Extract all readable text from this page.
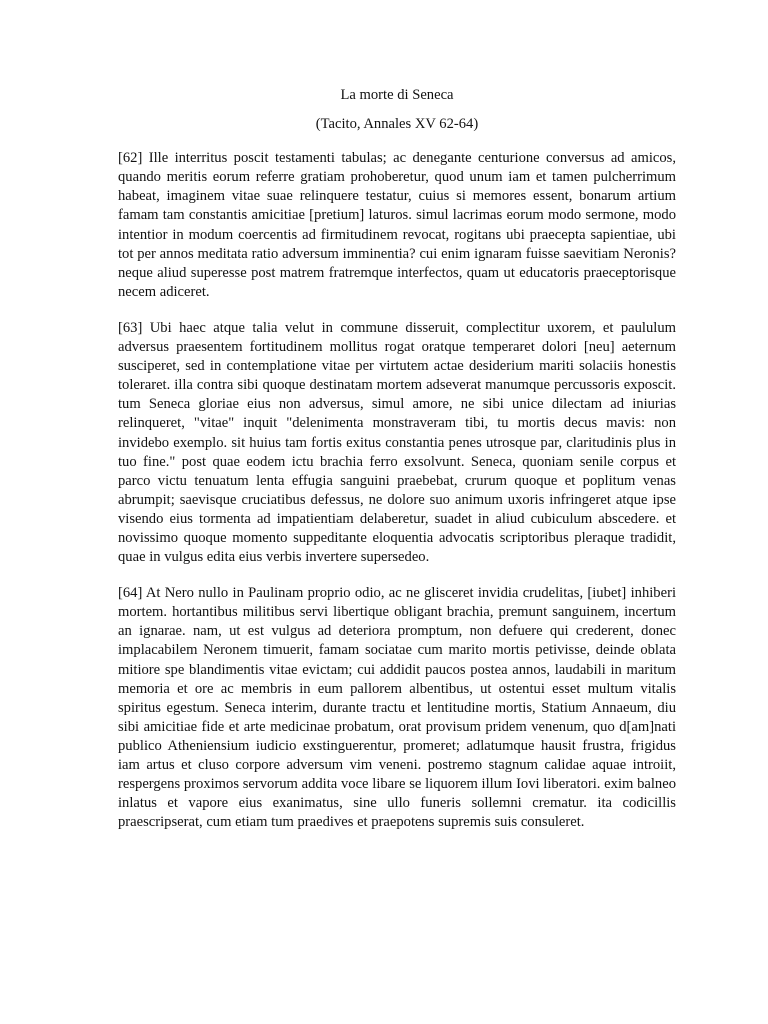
La morte di Seneca
(Tacito, Annales XV 62-64)

[62] Ille interritus poscit testamenti tabulas; ac denegante centurione conversus ad amicos, quando meritis eorum referre gratiam prohoberetur, quod unum iam et tamen pulcherrimum habeat, imaginem vitae suae relinquere testatur, cuius si memores essent, bonarum artium famam tam constantis amicitiae [pretium] laturos. simul lacrimas eorum modo sermone, modo intentior in modum coercentis ad firmitudinem revocat, rogitans ubi praecepta sapientiae, ubi tot per annos meditata ratio adversum imminentia? cui enim ignaram fuisse saevitiam Neronis? neque aliud superesse post matrem fratremque interfectos, quam ut educatoris praeceptorisque necem adiceret.

[63] Ubi haec atque talia velut in commune disseruit, complectitur uxorem, et paululum adversus praesentem fortitudinem mollitus rogat oratque temperaret dolori [neu] aeternum susciperet, sed in contemplatione vitae per virtutem actae desiderium mariti solaciis honestis toleraret. illa contra sibi quoque destinatam mortem adseverat manumque percussoris exposcit. tum Seneca gloriae eius non adversus, simul amore, ne sibi unice dilectam ad iniurias relinqueret, "vitae" inquit "delenimenta monstraveram tibi, tu mortis decus mavis: non invidebo exemplo. sit huius tam fortis exitus constantia penes utrosque par, claritudinis plus in tuo fine." post quae eodem ictu brachia ferro exsolvunt. Seneca, quoniam senile corpus et parco victu tenuatum lenta effugia sanguini praebebat, crurum quoque et poplitum venas abrumpit; saevisque cruciatibus defessus, ne dolore suo animum uxoris infringeret atque ipse visendo eius tormenta ad impatientiam delaberetur, suadet in aliud cubiculum abscedere. et novissimo quoque momento suppeditante eloquentia advocatis scriptoribus pleraque tradidit, quae in vulgus edita eius verbis invertere supersedeo.

[64] At Nero nullo in Paulinam proprio odio, ac ne glisceret invidia crudelitas, [iubet] inhiberi mortem. hortantibus militibus servi libertique obligant brachia, premunt sanguinem, incertum an ignarae. nam, ut est vulgus ad deteriora promptum, non defuere qui crederent, donec implacabilem Neronem timuerit, famam sociatae cum marito mortis petivisse, deinde oblata mitiore spe blandimentis vitae evictam; cui addidit paucos postea annos, laudabili in maritum memoria et ore ac membris in eum pallorem albentibus, ut ostentui esset multum vitalis spiritus egestum. Seneca interim, durante tractu et lentitudine mortis, Statium Annaeum, diu sibi amicitiae fide et arte medicinae probatum, orat provisum pridem venenum, quo d[am]nati publico Atheniensium iudicio exstinguerentur, promeret; adlatumque hausit frustra, frigidus iam artus et cluso corpore adversum vim veneni. postremo stagnum calidae aquae introiit, respergens proximos servorum addita voce libare se liquorem illum Iovi liberatori. exim balneo inlatus et vapore eius exanimatus, sine ullo funeris sollemni crematur. ita codicillis praescripserat, cum etiam tum praedives et praepotens supremis suis consuleret.
